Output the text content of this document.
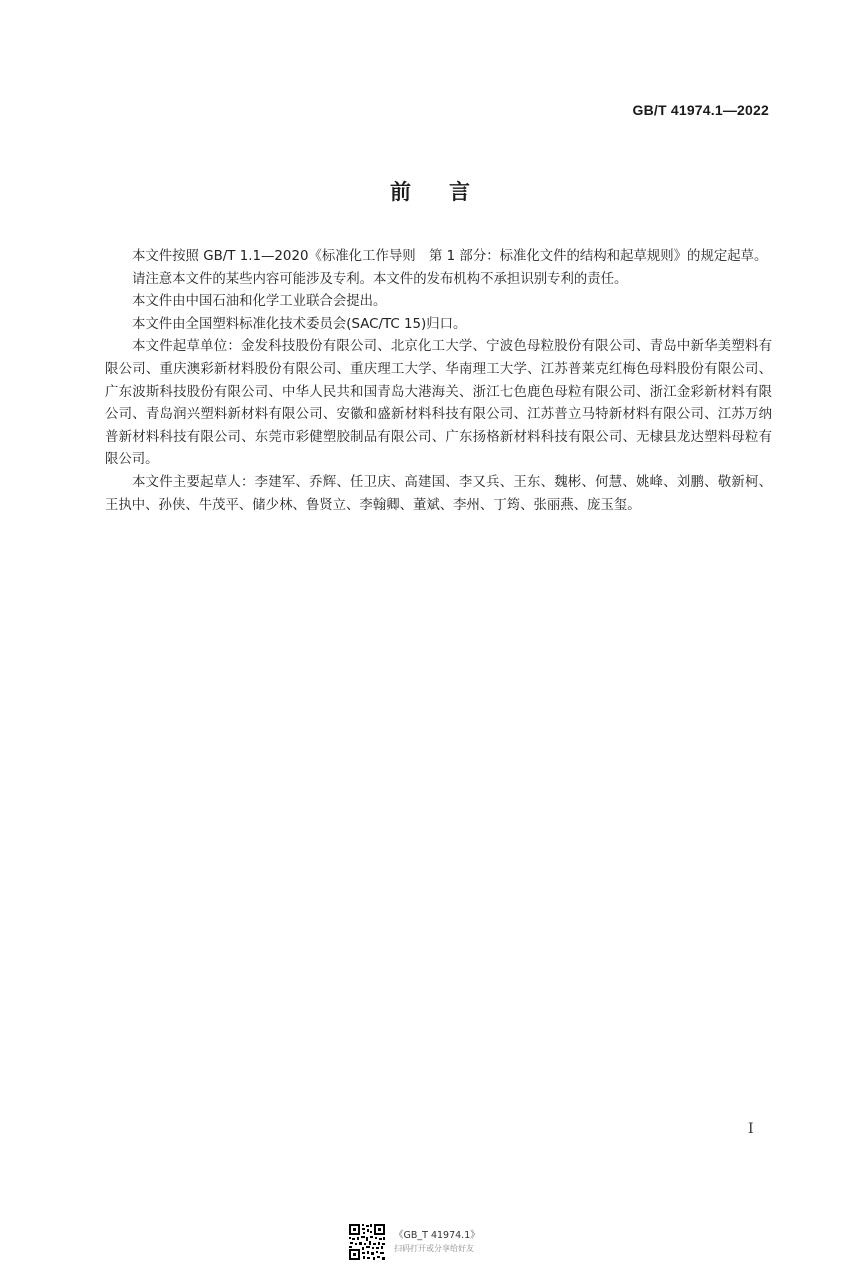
GB/T 41974.1—2022
前言

本文件按照 GB/T 1.1—2020《标准化工作导则　第 1 部分：标准化文件的结构和起草规则》的规定起草。

请注意本文件的某些内容可能涉及专利。本文件的发布机构不承担识别专利的责任。

本文件由中国石油和化学工业联合会提出。

本文件由全国塑料标准化技术委员会(SAC/TC 15)归口。

本文件起草单位：金发科技股份有限公司、北京化工大学、宁波色母粒股份有限公司、青岛中新华美塑料有限公司、重庆澳彩新材料股份有限公司、重庆理工大学、华南理工大学、江苏普莱克红梅色母料股份有限公司、广东波斯科技股份有限公司、中华人民共和国青岛大港海关、浙江七色鹿色母粒有限公司、浙江金彩新材料有限公司、青岛润兴塑料新材料有限公司、安徽和盛新材料科技有限公司、江苏普立马特新材料有限公司、江苏万纳普新材料科技有限公司、东莞市彩健塑胶制品有限公司、广东扬格新材料科技有限公司、无棣县龙达塑料母粒有限公司。

本文件主要起草人：李建军、乔辉、任卫庆、高建国、李又兵、王东、魏彬、何慧、姚峰、刘鹏、敬新柯、王执中、孙侠、牛茂平、储少林、鲁贤立、李翰卿、董斌、李州、丁筠、张丽燕、庞玉玺。

I
《GB_T 41974.1》
扫码打开或分享给好友
